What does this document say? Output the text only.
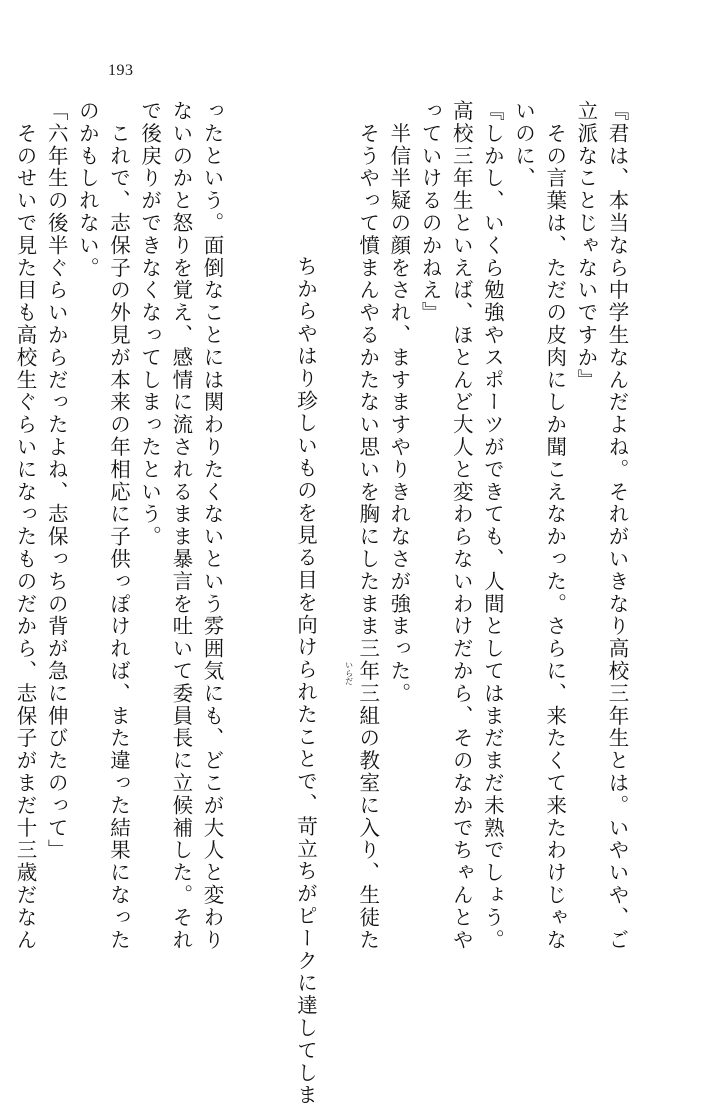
193
『君は、本当なら中学生なんだよね。それがいきなり高校三年生とは。いやいや、ご
立派なことじゃないですか』
　その言葉は、ただの皮肉にしか聞こえなかった。さらに、来たくて来たわけじゃな
いのに、
『しかし、いくら勉強やスポーツができても、人間としてはまだまだ未熟でしょう。
高校三年生といえば、ほとんど大人と変わらないわけだから、そのなかでちゃんとや
っていけるのかねえ』
　半信半疑の顔をされ、ますますやりきれなさが強まった。
　そうやって憤まんやるかたない思いを胸にしたまま三年三組の教室に入り、生徒た

ちからやはり珍しいものを見る目を向けられたことで、苛立ちがピークに達してしま
	いらだ

ったという。面倒なことには関わりたくないという雰囲気にも、どこが大人と変わり
ないのかと怒りを覚え、感情に流されるまま暴言を吐いて委員長に立候補した。それ
で後戻りができなくなってしまったという。
　これで、志保子の外見が本来の年相応に子供っぽければ、また違った結果になった
のかもしれない。
「六年生の後半ぐらいからだったよね、志保っちの背が急に伸びたのって」
　そのせいで見た目も高校生ぐらいになったものだから、志保子がまだ十三歳だなん
